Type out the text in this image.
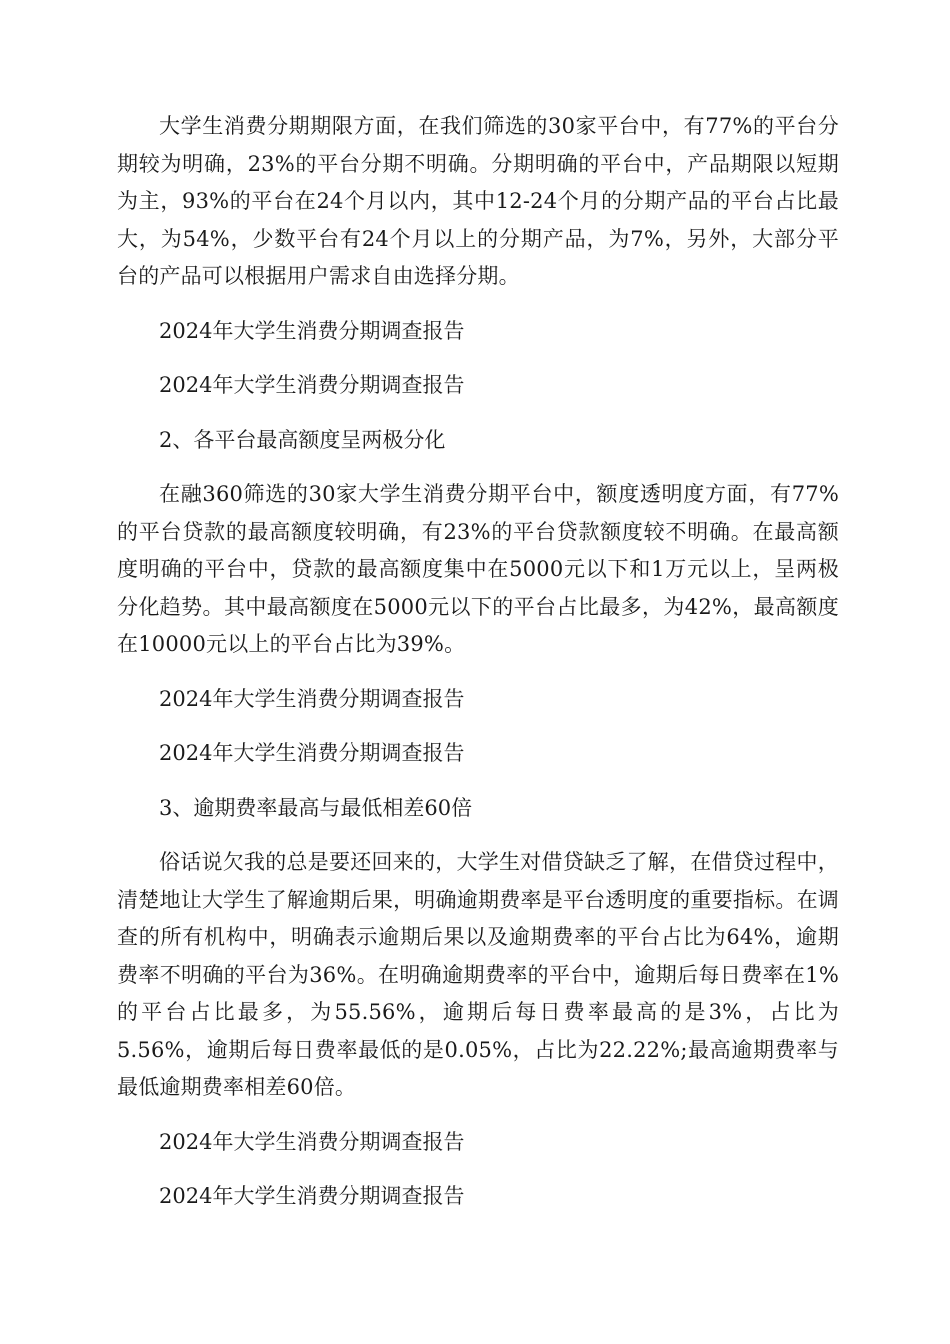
大学生消费分期期限方面，在我们筛选的30家平台中，有77%的平台分期较为明确，23%的平台分期不明确。分期明确的平台中，产品期限以短期为主，93%的平台在24个月以内，其中12-24个月的分期产品的平台占比最大，为54%，少数平台有24个月以上的分期产品，为7%，另外，大部分平台的产品可以根据用户需求自由选择分期。

2024年大学生消费分期调查报告

2024年大学生消费分期调查报告

2、各平台最高额度呈两极分化

在融360筛选的30家大学生消费分期平台中，额度透明度方面，有77%的平台贷款的最高额度较明确，有23%的平台贷款额度较不明确。在最高额度明确的平台中，贷款的最高额度集中在5000元以下和1万元以上，呈两极分化趋势。其中最高额度在5000元以下的平台占比最多，为42%，最高额度在10000元以上的平台占比为39%。

2024年大学生消费分期调查报告

2024年大学生消费分期调查报告

3、逾期费率最高与最低相差60倍

俗话说欠我的总是要还回来的，大学生对借贷缺乏了解，在借贷过程中，清楚地让大学生了解逾期后果，明确逾期费率是平台透明度的重要指标。在调查的所有机构中，明确表示逾期后果以及逾期费率的平台占比为64%，逾期费率不明确的平台为36%。在明确逾期费率的平台中，逾期后每日费率在1%的平台占比最多，为55.56%，逾期后每日费率最高的是3%，占比为5.56%，逾期后每日费率最低的是0.05%，占比为22.22%;最高逾期费率与最低逾期费率相差60倍。

2024年大学生消费分期调查报告

2024年大学生消费分期调查报告
